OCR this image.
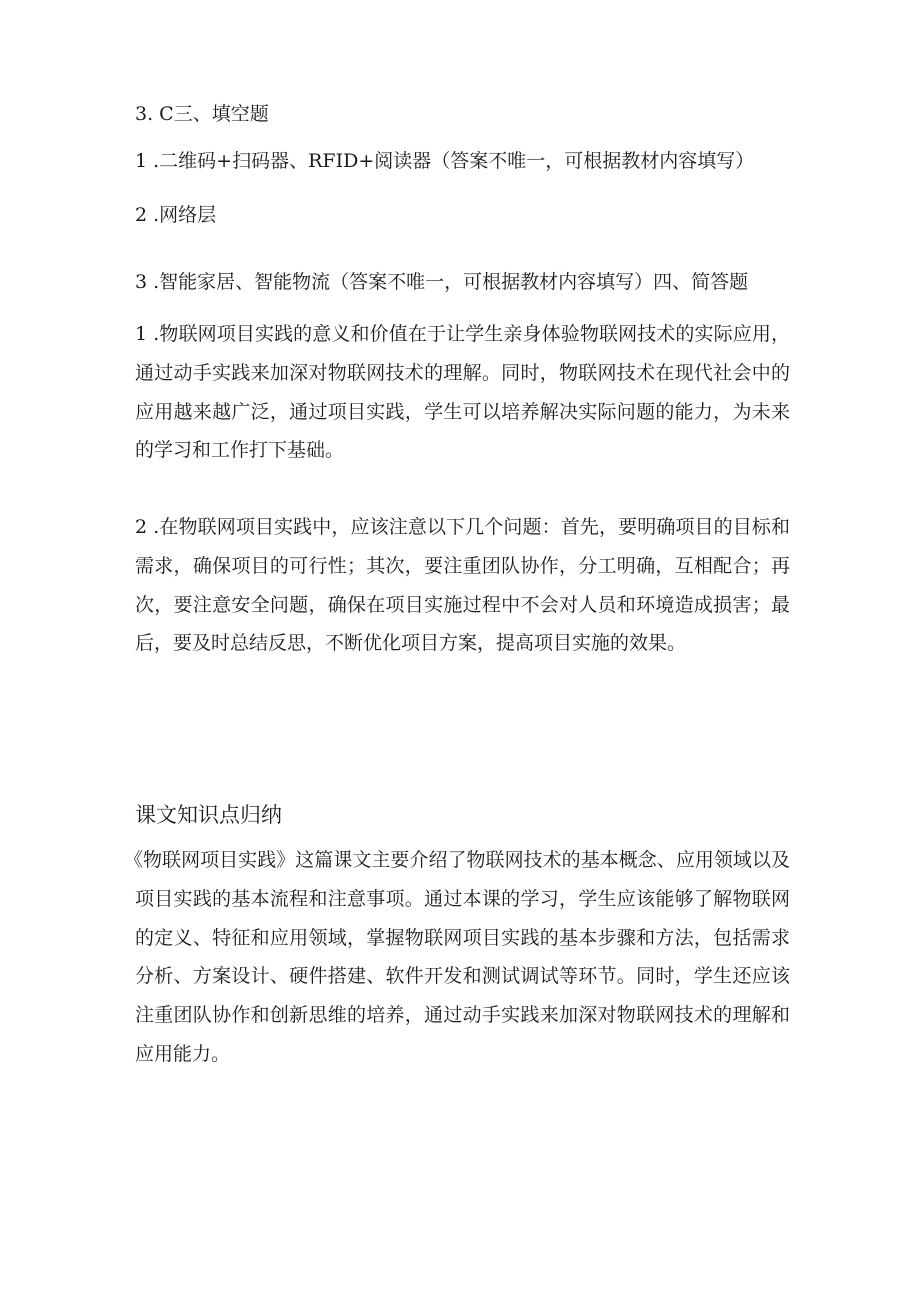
3. C三、填空题
1 .二维码+扫码器、RFID+阅读器（答案不唯一，可根据教材内容填写）
2 .网络层
3 .智能家居、智能物流（答案不唯一，可根据教材内容填写）四、简答题

1 .物联网项目实践的意义和价值在于让学生亲身体验物联网技术的实际应用，通过动手实践来加深对物联网技术的理解。同时，物联网技术在现代社会中的应用越来越广泛，通过项目实践，学生可以培养解决实际问题的能力，为未来的学习和工作打下基础。

2 .在物联网项目实践中，应该注意以下几个问题：首先，要明确项目的目标和需求，确保项目的可行性；其次，要注重团队协作，分工明确，互相配合；再次，要注意安全问题，确保在项目实施过程中不会对人员和环境造成损害；最后，要及时总结反思，不断优化项目方案，提高项目实施的效果。

课文知识点归纳

《物联网项目实践》这篇课文主要介绍了物联网技术的基本概念、应用领域以及项目实践的基本流程和注意事项。通过本课的学习，学生应该能够了解物联网的定义、特征和应用领域，掌握物联网项目实践的基本步骤和方法，包括需求分析、方案设计、硬件搭建、软件开发和测试调试等环节。同时，学生还应该注重团队协作和创新思维的培养，通过动手实践来加深对物联网技术的理解和应用能力。
